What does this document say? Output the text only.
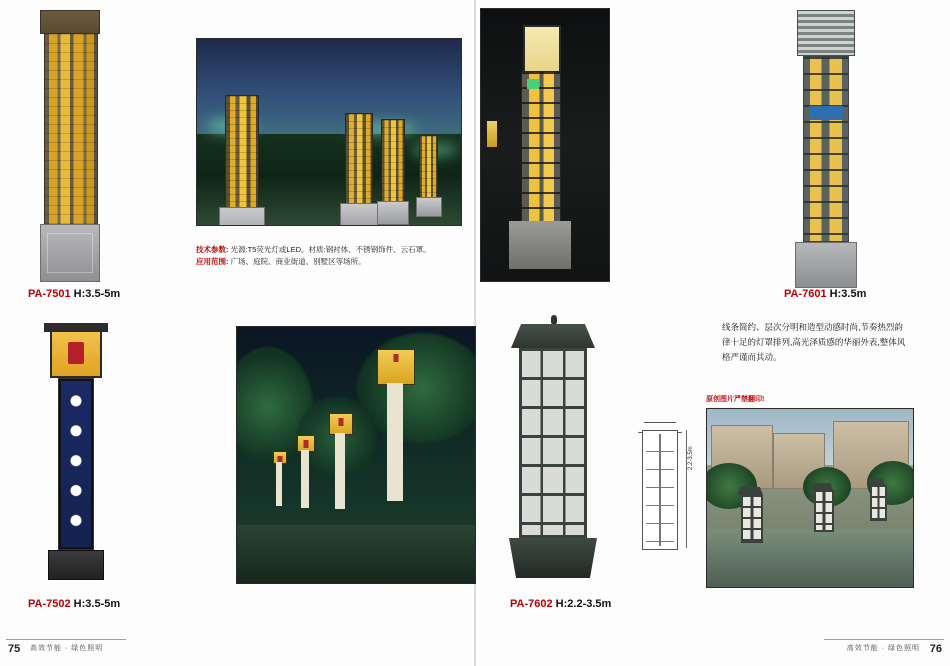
PA-7501 H:3.5-5m
技术参数: 光源:T5荧光灯或LED。材质:钢衬体、不锈钢饰件、云石罩。
应用范围: 广场、庭院、商业街道、别墅区等场所。
PA-7502 H:3.5-5m
PA-7601 H:3.5m
线条简约、层次分明和造型动感时尚,节奏热烈韵律十足的灯罩排列,高光泽质感的华丽外表,整体风格严谨而其动。
PA-7602 H:2.2-3.5m
2.2-3.5m
原创图片严禁翻印!
75 高效节能 · 绿色照明	76
高效节能 · 绿色照明
